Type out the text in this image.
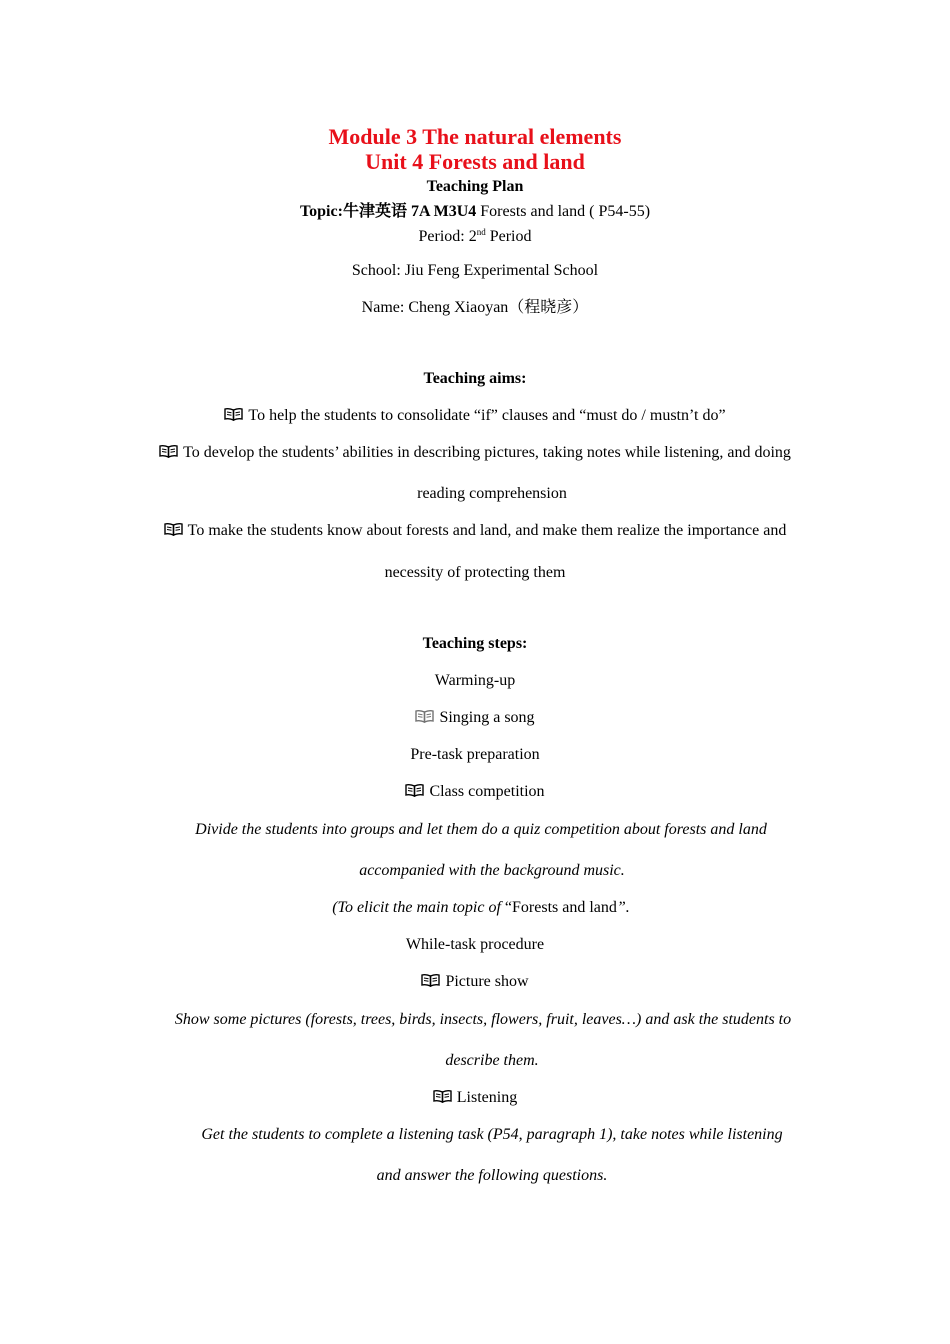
Module 3 The natural elements
Unit 4 Forests and land
Teaching Plan
Topic:牛津英语 7A M3U4 Forests and land ( P54-55)
Period: 2nd Period
School: Jiu Feng Experimental School
Name: Cheng Xiaoyan（程晓彦）
Teaching aims:
To help the students to consolidate “if” clauses and “must do / mustn’t do”
To develop the students’ abilities in describing pictures, taking notes while listening, and doing
reading comprehension
To make the students know about forests and land, and make them realize the importance and
necessity of protecting them
Teaching steps:
Warming-up
Singing a song
Pre-task preparation
Class competition
Divide the students into groups and let them do a quiz competition about forests and land
accompanied with the background music.
(To elicit the main topic of “Forests and land”.
While-task procedure
Picture show
Show some pictures (forests, trees, birds, insects, flowers, fruit, leaves…) and ask the students to
describe them.
Listening
Get the students to complete a listening task (P54, paragraph 1), take notes while listening
and answer the following questions.
